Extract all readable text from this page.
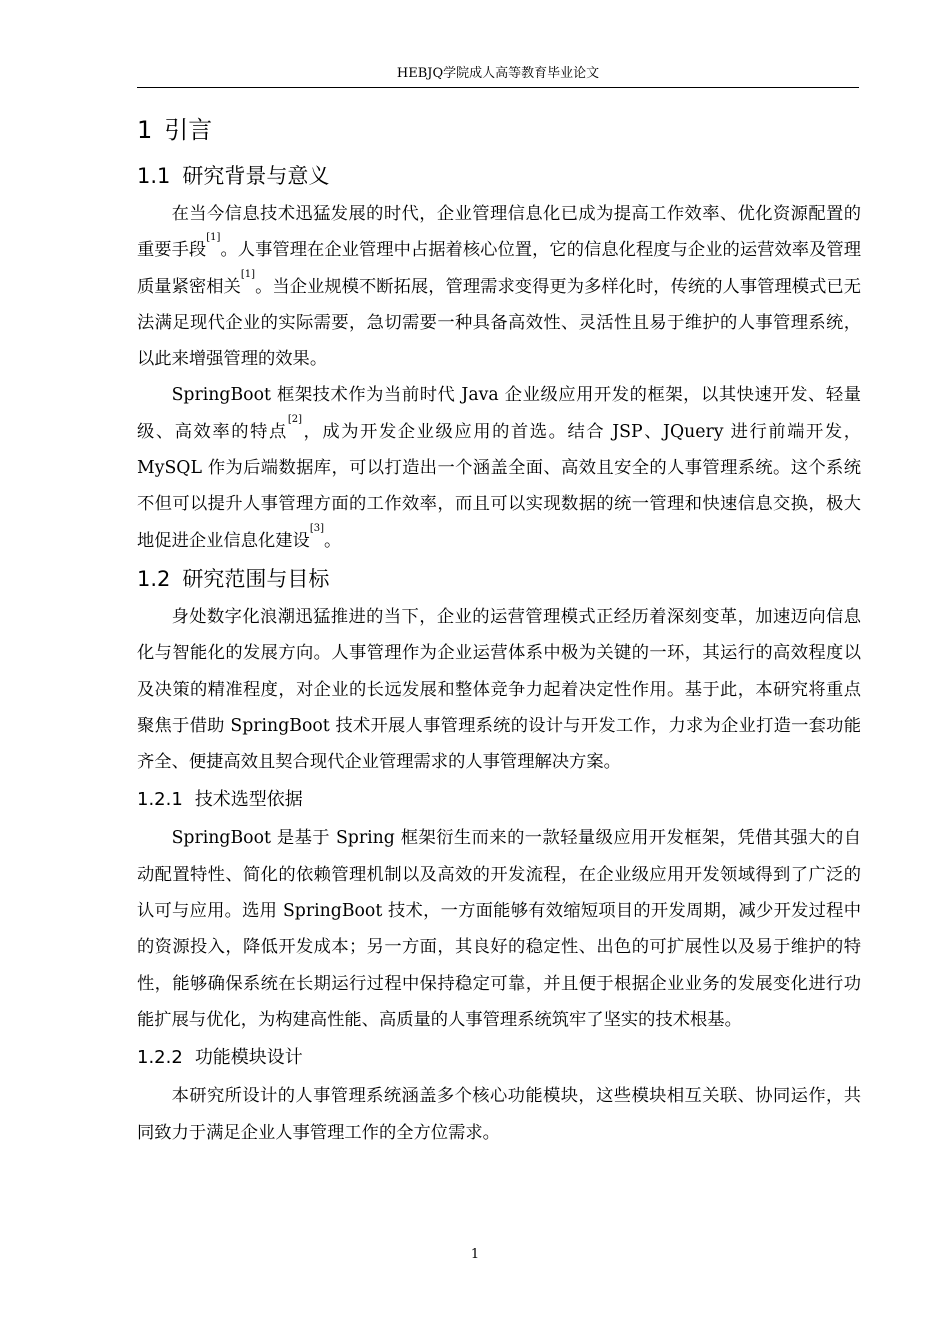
HEBJQ学院成人高等教育毕业论文
1 引言
1.1 研究背景与意义

在当今信息技术迅猛发展的时代，企业管理信息化已成为提高工作效率、优化资源配置的重要手段[1]。人事管理在企业管理中占据着核心位置，它的信息化程度与企业的运营效率及管理质量紧密相关[1]。当企业规模不断拓展，管理需求变得更为多样化时，传统的人事管理模式已无法满足现代企业的实际需要，急切需要一种具备高效性、灵活性且易于维护的人事管理系统，以此来增强管理的效果。

SpringBoot 框架技术作为当前时代 Java 企业级应用开发的框架，以其快速开发、轻量级、高效率的特点[2]，成为开发企业级应用的首选。结合 JSP、JQuery 进行前端开发，MySQL 作为后端数据库，可以打造出一个涵盖全面、高效且安全的人事管理系统。这个系统不但可以提升人事管理方面的工作效率，而且可以实现数据的统一管理和快速信息交换，极大地促进企业信息化建设[3]。

1.2 研究范围与目标

身处数字化浪潮迅猛推进的当下，企业的运营管理模式正经历着深刻变革，加速迈向信息化与智能化的发展方向。人事管理作为企业运营体系中极为关键的一环，其运行的高效程度以及决策的精准程度，对企业的长远发展和整体竞争力起着决定性作用。基于此，本研究将重点聚焦于借助 SpringBoot 技术开展人事管理系统的设计与开发工作，力求为企业打造一套功能齐全、便捷高效且契合现代企业管理需求的人事管理解决方案。

1.2.1 技术选型依据

SpringBoot 是基于 Spring 框架衍生而来的一款轻量级应用开发框架，凭借其强大的自动配置特性、简化的依赖管理机制以及高效的开发流程，在企业级应用开发领域得到了广泛的认可与应用。选用 SpringBoot 技术，一方面能够有效缩短项目的开发周期，减少开发过程中的资源投入，降低开发成本；另一方面，其良好的稳定性、出色的可扩展性以及易于维护的特性，能够确保系统在长期运行过程中保持稳定可靠，并且便于根据企业业务的发展变化进行功能扩展与优化，为构建高性能、高质量的人事管理系统筑牢了坚实的技术根基。

1.2.2 功能模块设计

本研究所设计的人事管理系统涵盖多个核心功能模块，这些模块相互关联、协同运作，共同致力于满足企业人事管理工作的全方位需求。

1
